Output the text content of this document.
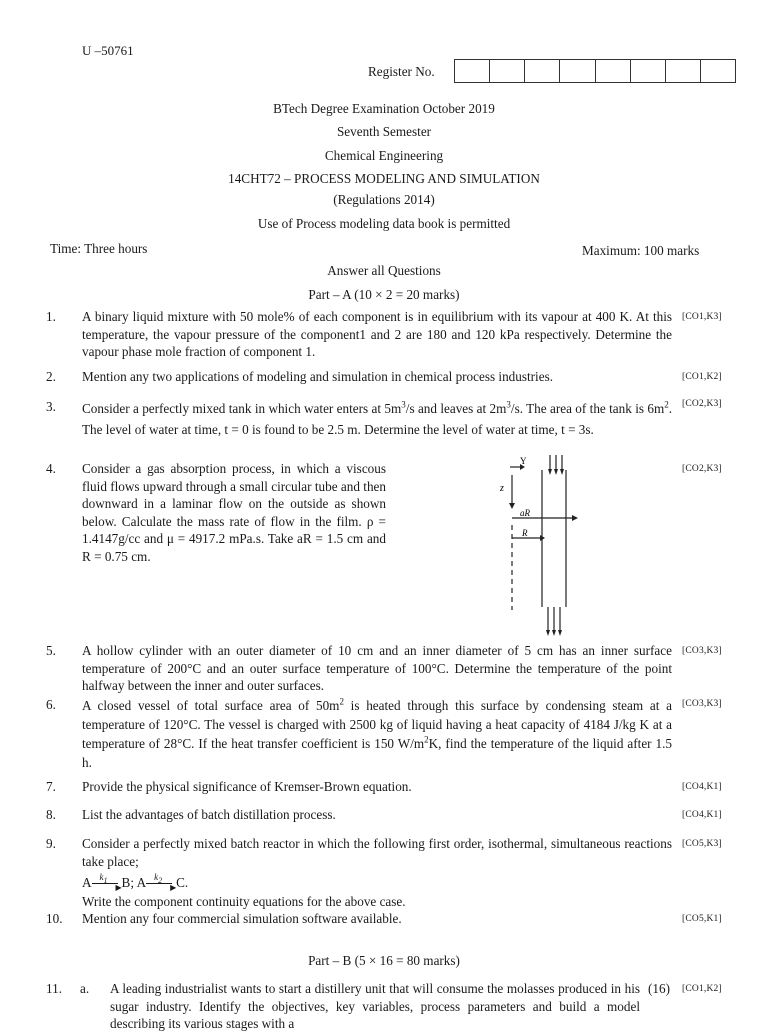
U –50761
Register No.
BTech Degree Examination October 2019
Seventh Semester
Chemical Engineering
14CHT72 – PROCESS MODELING AND SIMULATION
(Regulations 2014)
Use of Process modeling data book is permitted
Time: Three hours	Maximum: 100 marks
Answer all Questions
Part – A (10 × 2 = 20 marks)
1. A binary liquid mixture with 50 mole% of each component is in equilibrium with its vapour at 400 K. At this temperature, the vapour pressure of the component1 and 2 are 180 and 120 kPa respectively. Determine the vapour phase mole fraction of component 1.
[CO1,K3]
2. Mention any two applications of modeling and simulation in chemical process industries.	[CO1,K2]
3. Consider a perfectly mixed tank in which water enters at $5m^3/s$ and leaves at $2m^3/s$. The area of the tank is $6m^2$. The level of water at time, t = 0 is found to be 2.5 m. Determine the level of water at time, t = 3s.
[CO2,K3]
4. Consider a gas absorption process, in which a viscous fluid flows upward through a small circular tube and then downward in a laminar flow on the outside as shown below. Calculate the mass rate of flow in the film. ρ = 1.4147g/cc and μ = 4917.2 mPa.s. Take aR = 1.5 cm and R = 0.75 cm.
[CO2,K3]
Y
z
aR
R
5. A hollow cylinder with an outer diameter of 10 cm and an inner diameter of 5 cm has an inner surface temperature of 200°C and an outer surface temperature of 100°C. Determine the temperature of the point halfway between the inner and outer surfaces.
[CO3,K3]
6. A closed vessel of total surface area of $50m^2$ is heated through this surface by condensing steam at a temperature of 120°C. The vessel is charged with 2500 kg of liquid having a heat capacity of 4184 J/kg K at a temperature of 28°C. If the heat transfer coefficient is 150 $W/m^2K$, find the temperature of the liquid after 1.5 h.
[CO3,K3]
7. Provide the physical significance of Kremser-Brown equation.	[CO4,K1]
8. List the advantages of batch distillation process.	[CO4,K1]
9. Consider a perfectly mixed batch reactor in which the following first order, isothermal, simultaneous reactions take place;
[CO5,K3]
A $k_1$
▶ B; A $k_2$
▶ C.
Write the component continuity equations for the above case.
10. Mention any four commercial simulation software available.	[CO5,K1]
Part – B (5 × 16 = 80 marks)
11. a. A leading industrialist wants to start a distillery unit that will consume the molasses produced in his sugar industry. Identify the objectives, key variables, process parameters and build a model describing its various stages with a
(16) [CO1,K2]
